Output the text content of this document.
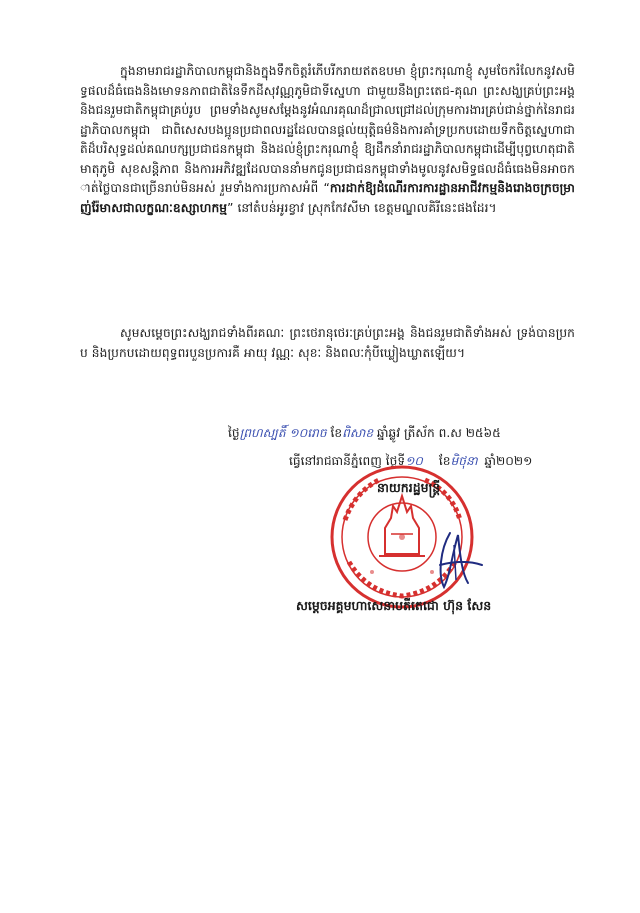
ក្នុងនាមរាជរដ្ឋាភិបាលកម្ពុជានិងក្នុងទឹកចិត្តរំភើបរីករាយឥតឧបមា ខ្ញុំព្រះករុណាខ្ញុំ សូមចែករំលែកនូវសមិទ្ធផលដ៏ធំធេងនិងមោទនភាពជាតិនៃទឹកដីសុវណ្ណភូមិជាទីស្នេហា ជាមួយនឹងព្រះតេជ-គុណ ព្រះសង្ឃគ្រប់ព្រះអង្គនិងជនរួមជាតិកម្ពុជាគ្រប់រូប ព្រមទាំងសូមសម្តែងនូវអំណរគុណដ៏ជ្រាលជ្រៅដល់ក្រុមការងារគ្រប់ជាន់ថ្នាក់នៃរាជរដ្ឋាភិបាលកម្ពុជា ជាពិសេសបងប្អូនប្រជាពលរដ្ឋដែលបានផ្តល់យុត្តិធម៌និងការគាំទ្រប្រកបដោយទឹកចិត្តស្នេហាជាតិដ៏បរិសុទ្ធដល់គណបក្សប្រជាជនកម្ពុជា និងដល់ខ្ញុំព្រះករុណាខ្ញុំ ឱ្យដឹកនាំរាជរដ្ឋាភិបាលកម្ពុជាដើម្បីបុព្វហេតុជាតិ មាតុភូមិ សុខសន្តិភាព និងការអភិវឌ្ឍដែលបាននាំមកជូនប្រជាជនកម្ពុជាទាំងមូលនូវសមិទ្ធផលដ៏ធំធេងមិនអាចកាត់ថ្លៃបានជាច្រើនរាប់មិនអស់ រួមទាំងការប្រកាសអំពី “ការដាក់ឱ្យដំណើរការការដ្ឋានអាជីវកម្មនិងរោងចក្រចម្រាញ់រ៉ែមាសជាលក្ខណៈឧស្សាហកម្ម” នៅតំបន់អូរខ្វាវ ស្រុកកែវសីមា ខេត្តមណ្ឌលគិរីនេះផងដែរ។
សូមសម្តេចព្រះសង្ឃរាជទាំងពីរគណៈ ព្រះថេរានុថេរៈគ្រប់ព្រះអង្គ និងជនរួមជាតិទាំងអស់ ទ្រង់បានប្រកប និងប្រកបដោយពុទ្ធពរបួនប្រការគឺ អាយុ វណ្ណៈ សុខៈ និងពលៈកុំបីឃ្លៀងឃ្លាតឡើយ។
ថ្ងៃព្រហស្បតិ៍ ១០រោច ខែពិសាខ ឆ្នាំឆ្លូវ ត្រីស័ក ព.ស ២៥៦៥
ធ្វើនៅរាជធានីភ្នំពេញ ថ្ងៃទី១០ ខែមិថុនា ឆ្នាំ២០២១
នាយករដ្ឋមន្ត្រី
សម្តេចអគ្គមហាសេនាបតីតេជោ ហ៊ុន សែន
